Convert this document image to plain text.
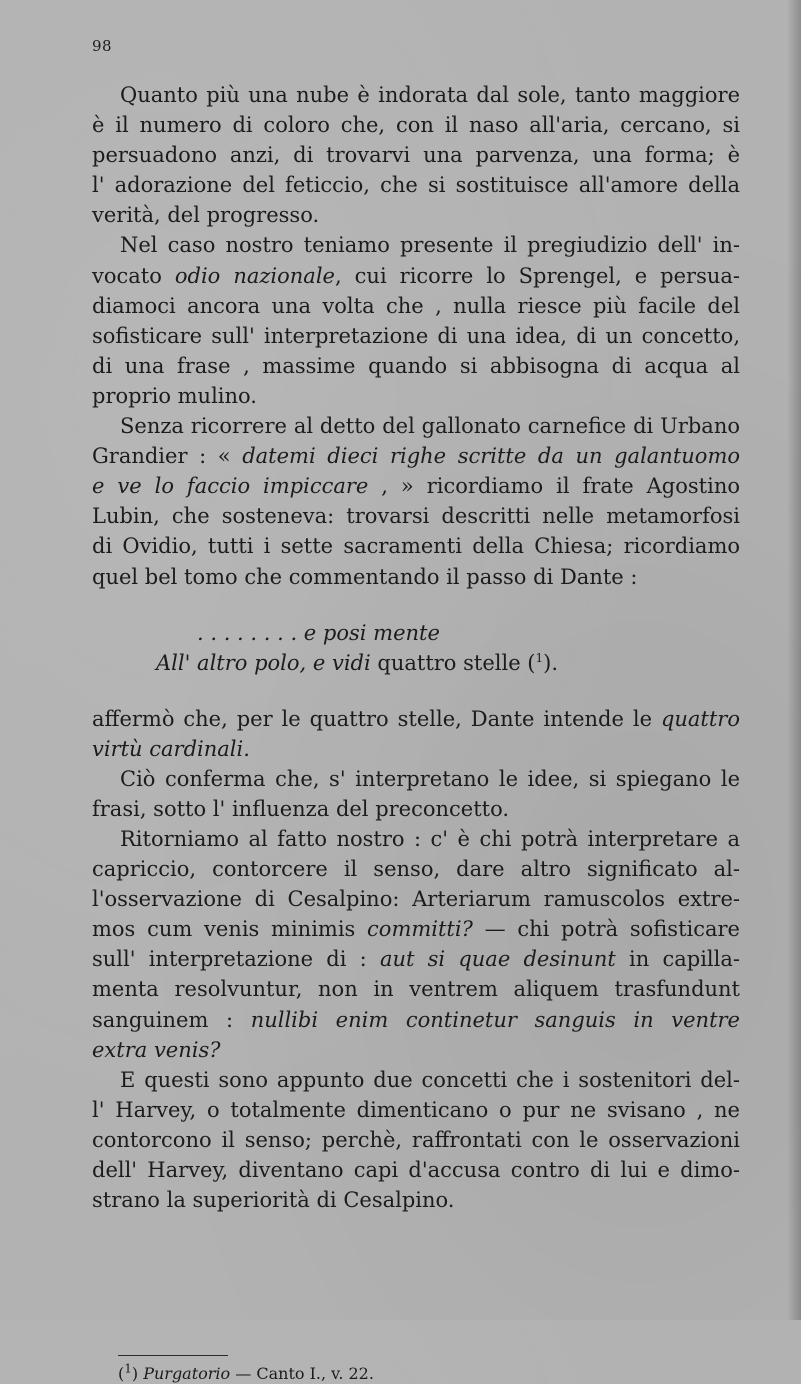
98
Quanto più una nube è indorata dal sole, tanto maggiore
è il numero di coloro che, con il naso all'aria, cercano, si
persuadono anzi, di trovarvi una parvenza, una forma; è
l' adorazione del feticcio, che si sostituisce all'amore della
verità, del progresso.
Nel caso nostro teniamo presente il pregiudizio dell' in-
vocato odio nazionale, cui ricorre lo Sprengel, e persua-
diamoci ancora una volta che , nulla riesce più facile del
sofisticare sull' interpretazione di una idea, di un concetto,
di una frase , massime quando si abbisogna di acqua al
proprio mulino.
Senza ricorrere al detto del gallonato carnefice di Urbano
Grandier : « datemi dieci righe scritte da un galantuomo
e ve lo faccio impiccare , » ricordiamo il frate Agostino
Lubin, che sosteneva: trovarsi descritti nelle metamorfosi
di Ovidio, tutti i sette sacramenti della Chiesa; ricordiamo
quel bel tomo che commentando il passo di Dante :
. . . . . . . . e posi mente
All' altro polo, e vidi quattro stelle ($^1$).
affermò che, per le quattro stelle, Dante intende le quattro
virtù cardinali.
Ciò conferma che, s' interpretano le idee, si spiegano le
frasi, sotto l' influenza del preconcetto.
Ritorniamo al fatto nostro : c' è chi potrà interpretare a
capriccio, contorcere il senso, dare altro significato al-
l'osservazione di Cesalpino: Arteriarum ramuscolos extre-
mos cum venis minimis committi? — chi potrà sofisticare
sull' interpretazione di : aut si quae desinunt in capilla-
menta resolvuntur, non in ventrem aliquem trasfundunt
sanguinem : nullibi enim continetur sanguis in ventre
extra venis?
E questi sono appunto due concetti che i sostenitori del-
l' Harvey, o totalmente dimenticano o pur ne svisano , ne
contorcono il senso; perchè, raffrontati con le osservazioni
dell' Harvey, diventano capi d'accusa contro di lui e dimo-
strano la superiorità di Cesalpino.
($^1$) Purgatorio — Canto I., v. 22.
